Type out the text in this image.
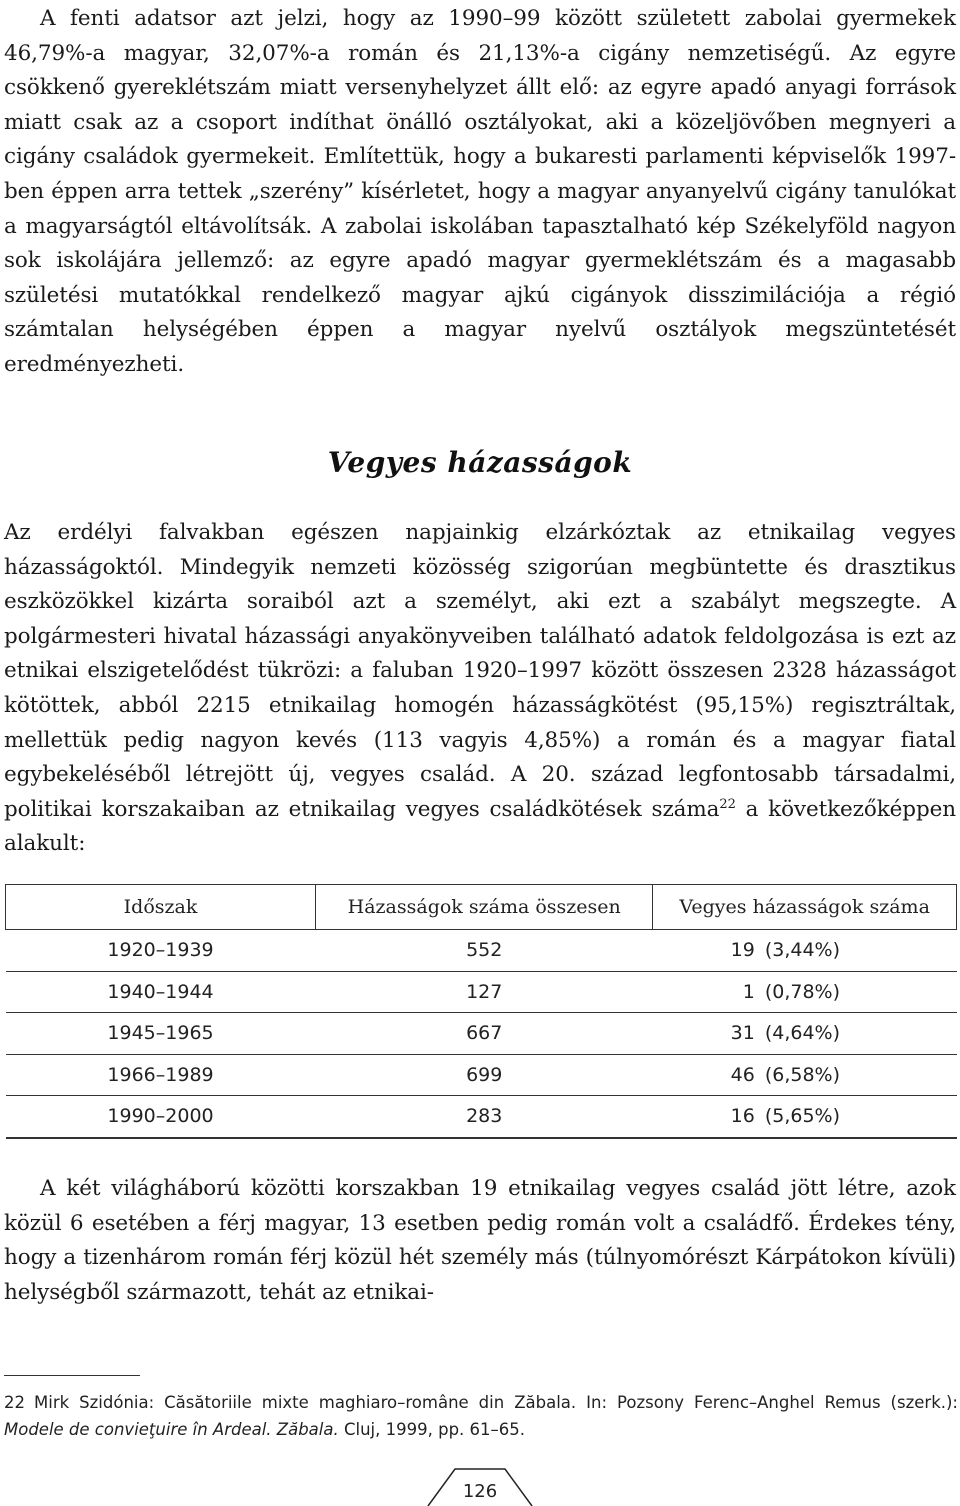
A fenti adatsor azt jelzi, hogy az 1990–99 között született zabolai gyermekek 46,79%-a magyar, 32,07%-a román és 21,13%-a cigány nemzetiségű. Az egyre csökkenő gyereklétszám miatt versenyhelyzet állt elő: az egyre apadó anyagi források miatt csak az a csoport indíthat önálló osztályokat, aki a közeljövőben megnyeri a cigány családok gyermekeit. Említettük, hogy a bukaresti parlamenti képviselők 1997-ben éppen arra tettek „szerény” kísérletet, hogy a magyar anyanyelvű cigány tanulókat a magyarságtól eltávolítsák. A zabolai iskolában tapasztalható kép Székelyföld nagyon sok iskolájára jellemző: az egyre apadó magyar gyermeklétszám és a magasabb születési mutatókkal rendelkező magyar ajkú cigányok disszimilációja a régió számtalan helységében éppen a magyar nyelvű osztályok megszüntetését eredményezheti.

Vegyes házasságok

Az erdélyi falvakban egészen napjainkig elzárkóztak az etnikailag vegyes házasságoktól. Mindegyik nemzeti közösség szigorúan megbüntette és drasztikus eszközökkel kizárta soraiból azt a személyt, aki ezt a szabályt megszegte. A polgármesteri hivatal házassági anyakönyveiben található adatok feldolgozása is ezt az etnikai elszigetelődést tükrözi: a faluban 1920–1997 között összesen 2328 házasságot kötöttek, abból 2215 etnikailag homogén házasságkötést (95,15%) regisztráltak, mellettük pedig nagyon kevés (113 vagyis 4,85%) a román és a magyar fiatal egybekeléséből létrejött új, vegyes család. A 20. század legfontosabb társadalmi, politikai korszakaiban az etnikailag vegyes családkötések száma$^{22}$ a következőképpen alakult:

Időszak	Házasságok száma összesen	Vegyes házasságok száma
1920–1939	552	19 (3,44%)
1940–1944	127	1 (0,78%)
1945–1965	667	31 (4,64%)
1966–1989	699	46 (6,58%)
1990–2000	283	16 (5,65%)

A két világháború közötti korszakban 19 etnikailag vegyes család jött létre, azok közül 6 esetében a férj magyar, 13 esetben pedig román volt a családfő. Érdekes tény, hogy a tizenhárom román férj közül hét személy más (túlnyomórészt Kárpátokon kívüli) helységből származott, tehát az etnikai-

22 Mirk Szidónia: Căsătoriile mixte maghiaro–române din Zăbala. In: Pozsony Ferenc–Anghel Remus (szerk.): Modele de convieţuire în Ardeal. Zăbala. Cluj, 1999, pp. 61–65.

126
